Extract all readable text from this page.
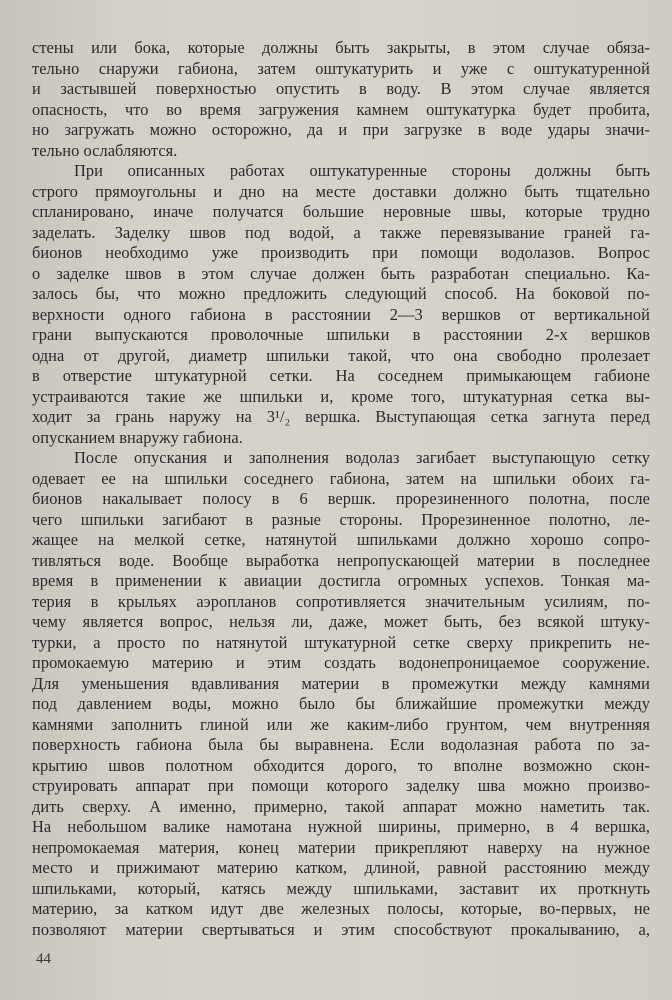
стены или бока, которые должны быть закрыты, в этом случае обяза-
тельно снаружи габиона, затем оштукатурить и уже с оштукатуренной
и застывшей поверхностью опустить в воду. В этом случае является
опасность, что во время загружения камнем оштукатурка будет пробита,
но загружать можно осторожно, да и при загрузке в воде удары значи-
тельно ослабляются.
При описанных работах оштукатуренные стороны должны быть
строго прямоугольны и дно на месте доставки должно быть тщательно
спланировано, иначе получатся большие неровные швы, которые трудно
заделать. Заделку швов под водой, а также перевязывание граней га-
бионов необходимо уже производить при помощи водолазов. Вопрос
о заделке швов в этом случае должен быть разработан специально. Ка-
залось бы, что можно предложить следующий способ. На боковой по-
верхности одного габиона в расстоянии 2—3 вершков от вертикальной
грани выпускаются проволочные шпильки в расстоянии 2-х вершков
одна от другой, диаметр шпильки такой, что она свободно пролезает
в отверстие штукатурной сетки. На соседнем примыкающем габионе
устраиваются такие же шпильки и, кроме того, штукатурная сетка вы-
ходит за грань наружу на 3¹/₂ вершка. Выступающая сетка загнута перед
опусканием внаружу габиона.
После опускания и заполнения водолаз загибает выступающую сетку
одевает ее на шпильки соседнего габиона, затем на шпильки обоих га-
бионов накалывает полосу в 6 вершк. прорезиненного полотна, после
чего шпильки загибают в разные стороны. Прорезиненное полотно, ле-
жащее на мелкой сетке, натянутой шпильками должно хорошо сопро-
тивляться воде. Вообще выработка непропускающей материи в последнее
время в применении к авиации достигла огромных успехов. Тонкая ма-
терия в крыльях аэропланов сопротивляется значительным усилиям, по-
чему является вопрос, нельзя ли, даже, может быть, без всякой штуку-
турки, а просто по натянутой штукатурной сетке сверху прикрепить не-
промокаемую материю и этим создать водонепроницаемое сооружение.
Для уменьшения вдавливания материи в промежутки между камнями
под давлением воды, можно было бы ближайшие промежутки между
камнями заполнить глиной или же каким-либо грунтом, чем внутренняя
поверхность габиона была бы выравнена. Если водолазная работа по за-
крытию швов полотном обходится дорого, то вполне возможно скон-
струировать аппарат при помощи которого заделку шва можно произво-
дить сверху. А именно, примерно, такой аппарат можно наметить так.
На небольшом валике намотана нужной ширины, примерно, в 4 вершка,
непромокаемая материя, конец материи прикрепляют наверху на нужное
место и прижимают материю катком, длиной, равной расстоянию между
шпильками, который, катясь между шпильками, заставит их проткнуть
материю, за катком идут две железных полосы, которые, во-первых, не
позволяют материи свертываться и этим способствуют прокалыванию, а,
44
